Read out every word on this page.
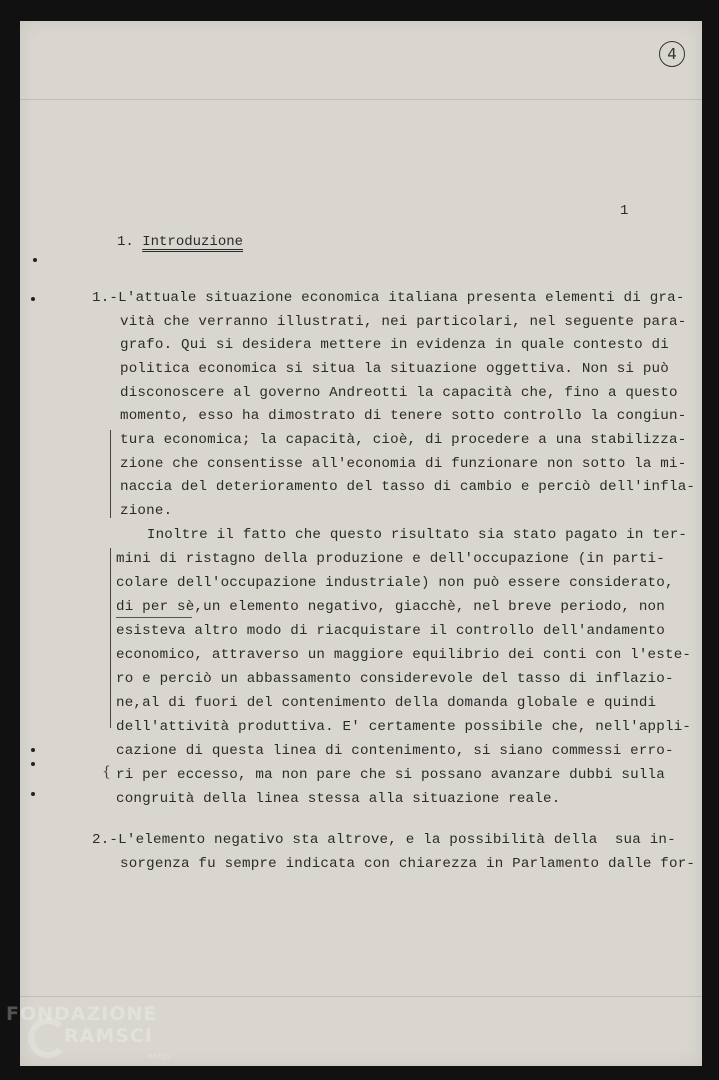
4
1
1. Introduzione
1.-L'attuale situazione economica italiana presenta elementi di gra-
vità che verranno illustrati, nei particolari, nel seguente para-
grafo. Qui si desidera mettere in evidenza in quale contesto di
politica economica si situa la situazione oggettiva. Non si può
disconoscere al governo Andreotti la capacità che, fino a questo
momento, esso ha dimostrato di tenere sotto controllo la congiun-
tura economica; la capacità, cioè, di procedere a una stabilizza-
zione che consentisse all'economia di funzionare non sotto la mi-
naccia del deterioramento del tasso di cambio e perciò dell'infla-
zione.
Inoltre il fatto che questo risultato sia stato pagato in ter-
mini di ristagno della produzione e dell'occupazione (in parti-
colare dell'occupazione industriale) non può essere considerato,
di per sè,un elemento negativo, giacchè, nel breve periodo, non
esisteva altro modo di riacquistare il controllo dell'andamento
economico, attraverso un maggiore equilibrio dei conti con l'este-
ro e perciò un abbassamento considerevole del tasso di inflazio-
ne,al di fuori del contenimento della domanda globale e quindi
dell'attività produttiva. E' certamente possibile che, nell'appli-
cazione di questa linea di contenimento, si siano commessi erro-
ri per eccesso, ma non pare che si possano avanzare dubbi sulla
congruità della linea stessa alla situazione reale.
2.-L'elemento negativo sta altrove, e la possibilità della  sua in-
sorgenza fu sempre indicata con chiarezza in Parlamento dalle for-
{
FONDAZIONE
RAMSCI
onlus
